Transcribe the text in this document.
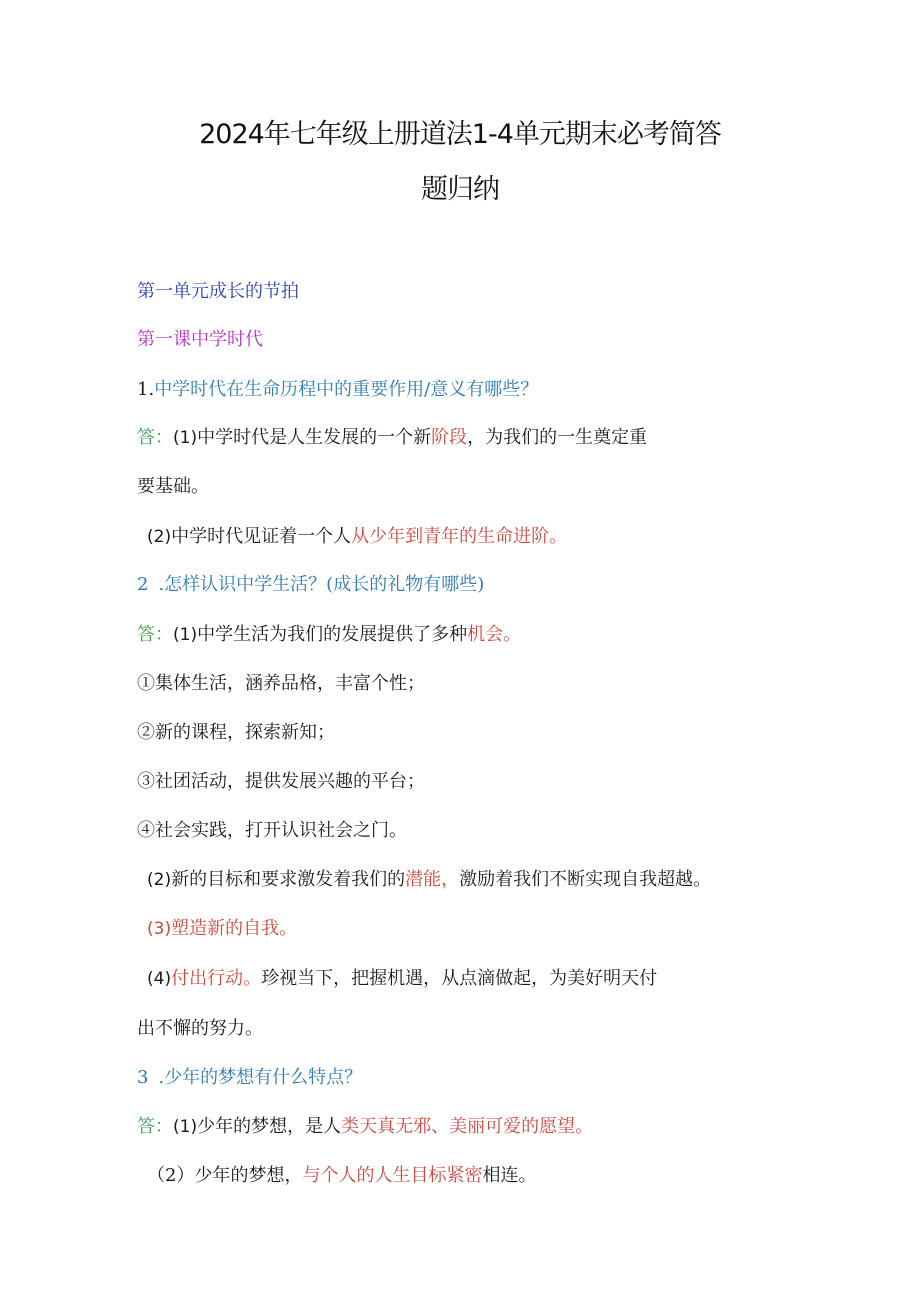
2024年七年级上册道法1-4单元期末必考简答
题归纳
第一单元成长的节拍
第一课中学时代
1.中学时代在生命历程中的重要作用/意义有哪些？
答：(1)中学时代是人生发展的一个新阶段，为我们的一生奠定重
要基础。
(2)中学时代见证着一个人从少年到青年的生命进阶。
2 .怎样认识中学生活？(成长的礼物有哪些)
答：(1)中学生活为我们的发展提供了多种机会。
①集体生活，涵养品格，丰富个性；
②新的课程，探索新知；
③社团活动，提供发展兴趣的平台；
④社会实践，打开认识社会之门。
(2)新的目标和要求激发着我们的潜能，激励着我们不断实现自我超越。
(3)塑造新的自我。
(4)付出行动。珍视当下，把握机遇，从点滴做起，为美好明天付
出不懈的努力。
3 .少年的梦想有什么特点？
答：(1)少年的梦想，是人类天真无邪、美丽可爱的愿望。
（2）少年的梦想，与个人的人生目标紧密相连。
